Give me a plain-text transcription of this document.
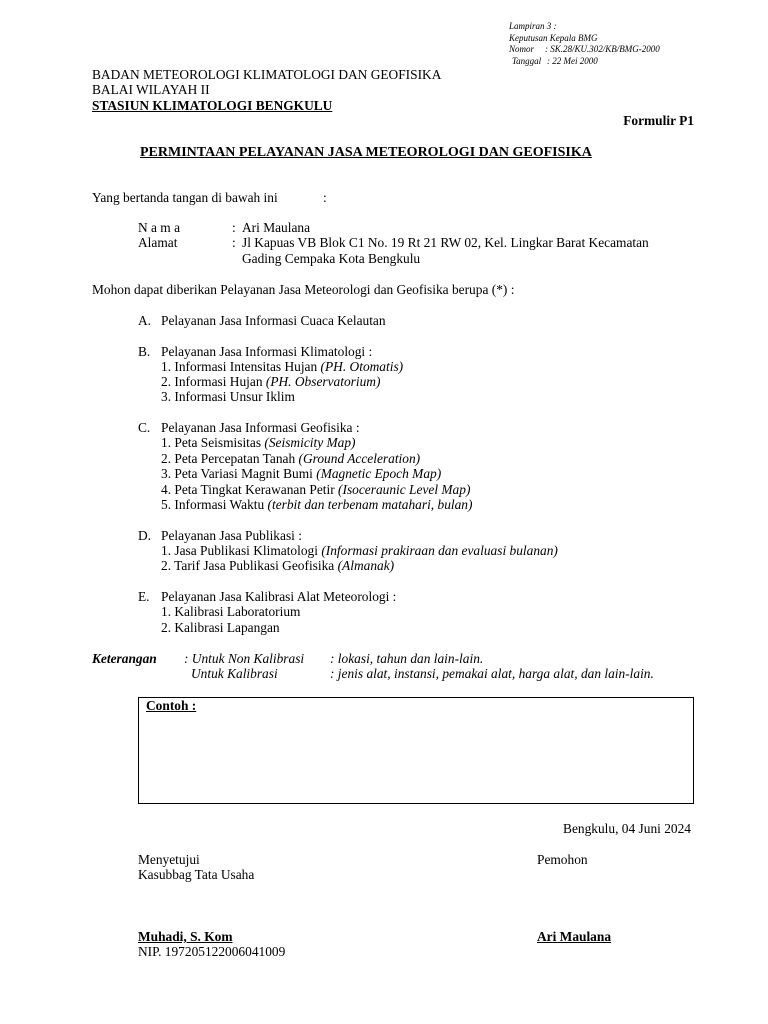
Lampiran 3 :
Keputusan Kepala BMG
Nomor : SK.28/KU.302/KB/BMG-2000
Tanggal : 22 Mei 2000
BADAN METEOROLOGI KLIMATOLOGI DAN GEOFISIKA
BALAI WILAYAH II
STASIUN KLIMATOLOGI BENGKULU
Formulir P1
PERMINTAAN PELAYANAN JASA METEOROLOGI DAN GEOFISIKA
Yang bertanda tangan di bawah ini	:
N a m a	: Ari Maulana
Alamat	: Jl Kapuas VB Blok C1 No. 19 Rt 21 RW 02, Kel. Lingkar Barat Kecamatan
Gading Cempaka Kota Bengkulu
Mohon dapat diberikan Pelayanan Jasa Meteorologi dan Geofisika berupa (*) :
A. Pelayanan Jasa Informasi Cuaca Kelautan
B. Pelayanan Jasa Informasi Klimatologi :
1. Informasi Intensitas Hujan (PH. Otomatis)
2. Informasi Hujan (PH. Observatorium)
3. Informasi Unsur Iklim
C. Pelayanan Jasa Informasi Geofisika :
1. Peta Seismisitas (Seismicity Map)
2. Peta Percepatan Tanah (Ground Acceleration)
3. Peta Variasi Magnit Bumi (Magnetic Epoch Map)
4. Peta Tingkat Kerawanan Petir (Isoceraunic Level Map)
5. Informasi Waktu (terbit dan terbenam matahari, bulan)
D. Pelayanan Jasa Publikasi :
1. Jasa Publikasi Klimatologi (Informasi prakiraan dan evaluasi bulanan)
2. Tarif Jasa Publikasi Geofisika (Almanak)
E. Pelayanan Jasa Kalibrasi Alat Meteorologi :
1. Kalibrasi Laboratorium
2. Kalibrasi Lapangan
Keterangan : Untuk Non Kalibrasi : lokasi, tahun dan lain-lain.
Untuk Kalibrasi	: jenis alat, instansi, pemakai alat, harga alat, dan lain-lain.
Contoh :
Bengkulu, 04 Juni 2024
Menyetujui
Kasubbag Tata Usaha
Pemohon
Muhadi, S. Kom
NIP. 197205122006041009
Ari Maulana
